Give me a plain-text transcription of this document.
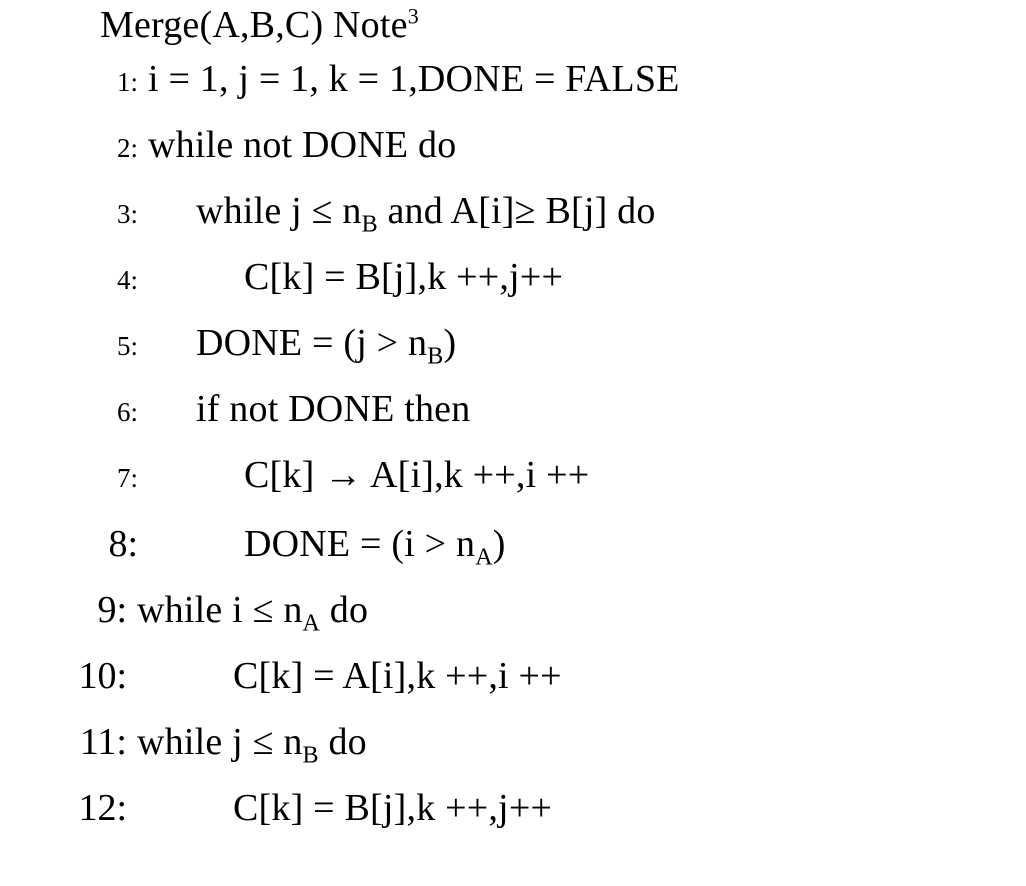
Merge(A,B,C) Note$^3$
1: i = 1, j = 1, k = 1,DONE = FALSE
2: while not DONE do
3:	while $j \le n_B$ and A[i]≥ B[j] do
4:	C[k] = B[j],k ++,j++
5:	DONE = $(j > n_B)$
6:	if not DONE then
7:	C[k] → A[i],k ++,i ++
8:	DONE = $(i > n_A)$
9: while $i \le n_A$ do
10:	C[k] = A[i],k ++,i ++
11: while $j \le n_B$ do
12:	C[k] = B[j],k ++,j++
